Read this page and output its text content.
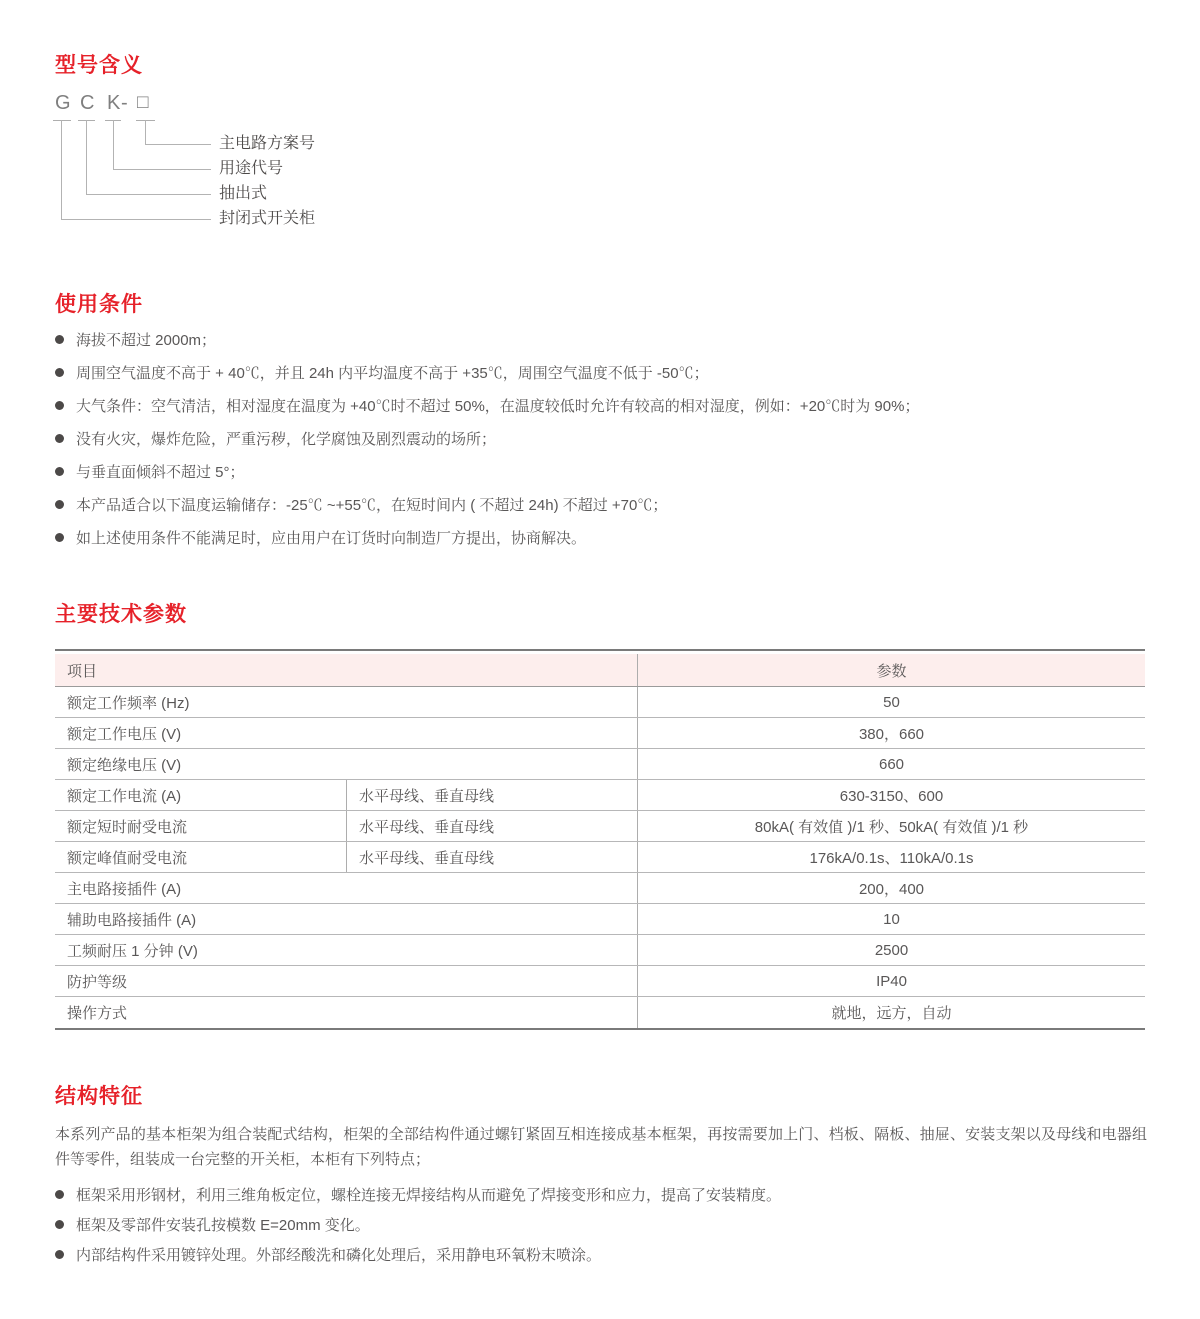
型号含义
G C K - □
主电路方案号
用途代号
抽出式
封闭式开关柜
使用条件
海拔不超过 2000m；
周围空气温度不高于 + 40℃，并且 24h 内平均温度不高于 +35℃，周围空气温度不低于 -50℃；
大气条件：空气清洁，相对湿度在温度为 +40℃时不超过 50%，在温度较低时允许有较高的相对湿度，例如：+20℃时为 90%；
没有火灾，爆炸危险，严重污秽，化学腐蚀及剧烈震动的场所；
与垂直面倾斜不超过 5°；
本产品适合以下温度运输储存：-25℃ ~+55℃，在短时间内 ( 不超过 24h) 不超过 +70℃；
如上述使用条件不能满足时，应由用户在订货时向制造厂方提出，协商解决。
主要技术参数
项目	参数
额定工作频率 (Hz)	50
额定工作电压 (V)	380，660
额定绝缘电压 (V)	660
额定工作电流 (A)	水平母线、垂直母线	630-3150、600
额定短时耐受电流	水平母线、垂直母线	80kA( 有效值 )/1 秒、50kA( 有效值 )/1 秒
额定峰值耐受电流	水平母线、垂直母线	176kA/0.1s、110kA/0.1s
主电路接插件 (A)	200，400
辅助电路接插件 (A)	10
工频耐压 1 分钟 (V)	2500
防护等级	IP40
操作方式	就地，远方，自动
结构特征

本系列产品的基本柜架为组合装配式结构，柜架的全部结构件通过螺钉紧固互相连接成基本框架，再按需要加上门、档板、隔板、抽屉、安装支架以及母线和电器组件等零件，组装成一台完整的开关柜，本柜有下列特点；

框架采用形钢材，利用三维角板定位，螺栓连接无焊接结构从而避免了焊接变形和应力，提高了安装精度。
框架及零部件安装孔按模数 E=20mm 变化。
内部结构件采用镀锌处理。外部经酸洗和磷化处理后，采用静电环氧粉末喷涂。
